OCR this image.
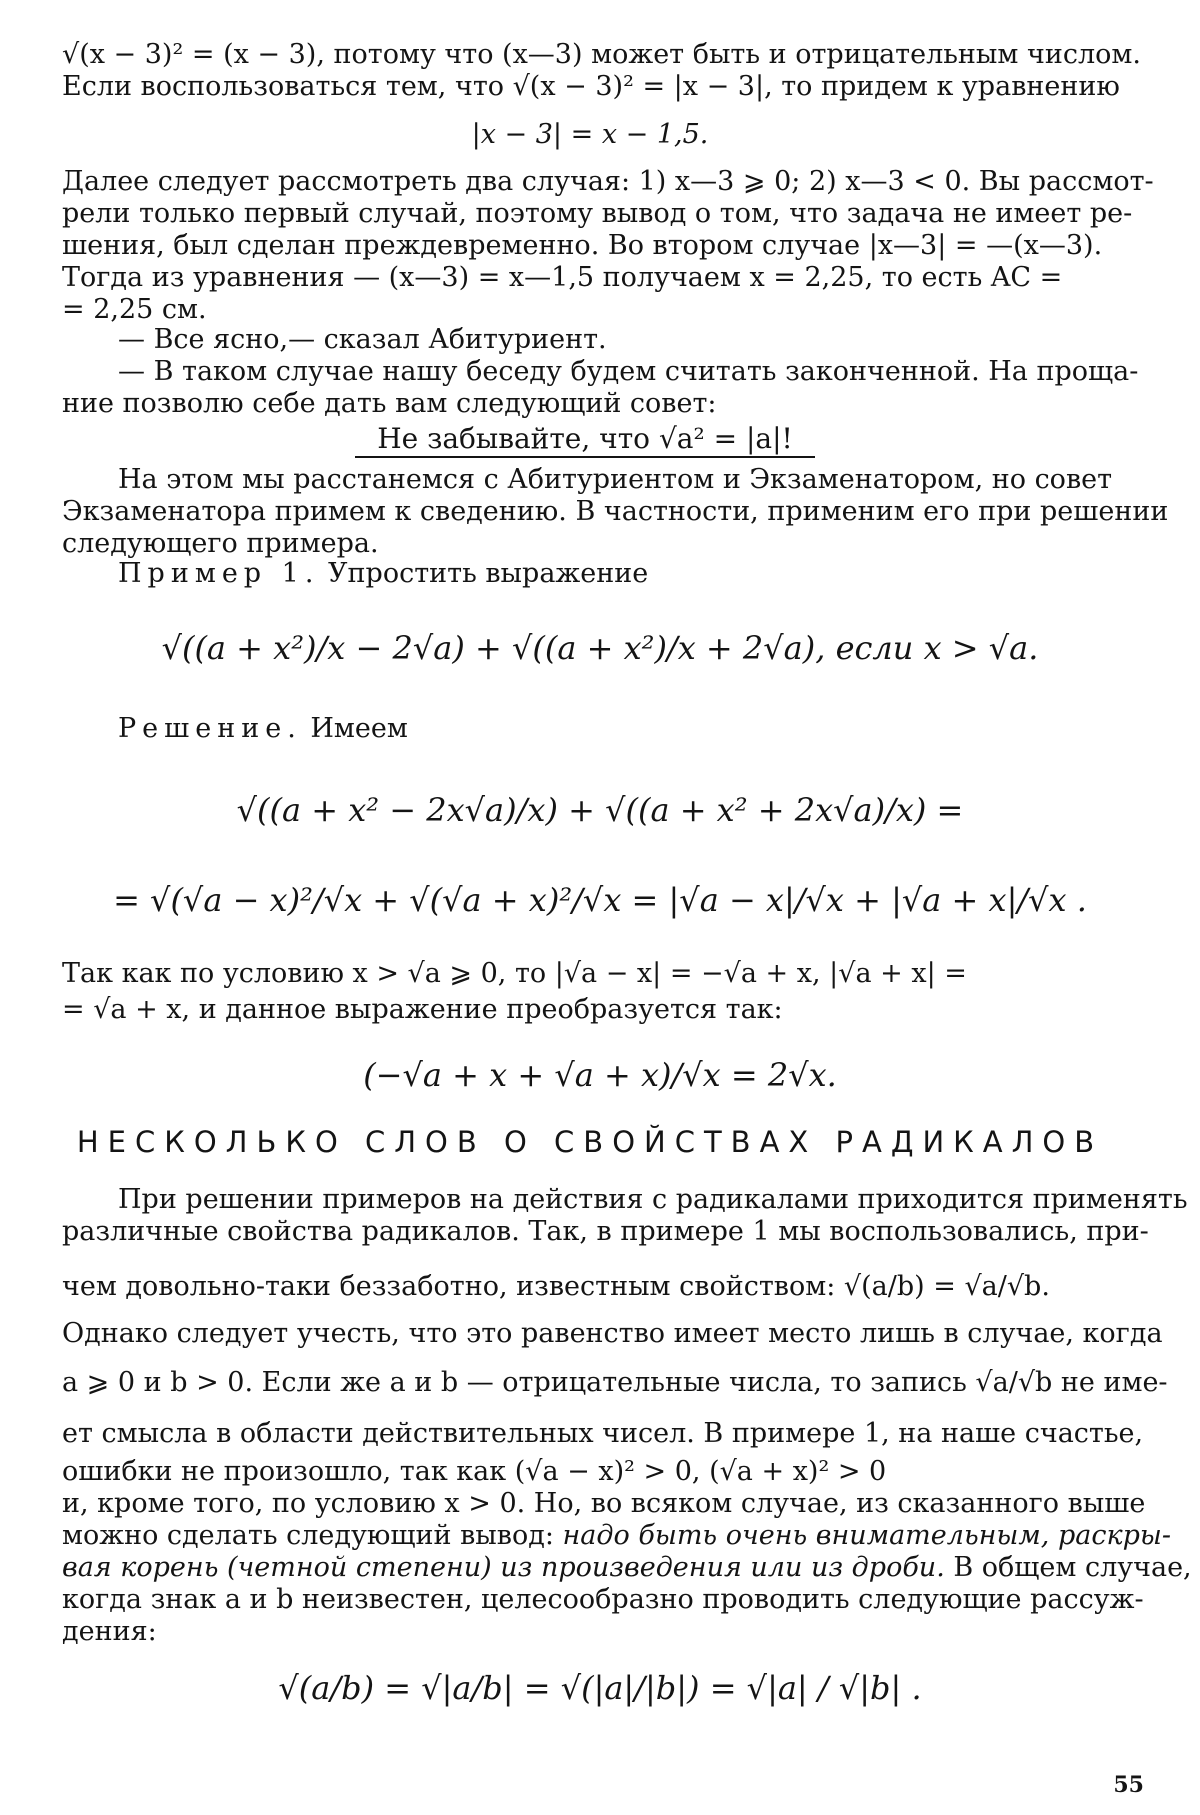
√(x − 3)² = (x − 3), потому что (x—3) может быть и отрицательным числом.
Если воспользоваться тем, что √(x − 3)² = |x − 3|, то придем к уравнению
|x − 3| = x − 1,5.
Далее следует рассмотреть два случая: 1) x—3 ⩾ 0; 2) x—3 < 0. Вы рассмот-
рели только первый случай, поэтому вывод о том, что задача не имеет ре-
шения, был сделан преждевременно. Во втором случае |x—3| = —(x—3).
Тогда из уравнения — (x—3) = x—1,5 получаем x = 2,25, то есть AC =
= 2,25 см.
— Все ясно,— сказал Абитуриент.
— В таком случае нашу беседу будем считать законченной. На проща-
ние позволю себе дать вам следующий совет:
Не забывайте, что √a² = |a|!
На этом мы расстанемся с Абитуриентом и Экзаменатором, но совет
Экзаменатора примем к сведению. В частности, применим его при решении
следующего примера.
Пример 1.
Упростить выражение
√((a + x²)/x − 2√a) + √((a + x²)/x + 2√a), если x > √a.
Решение.
Имеем
√((a + x² − 2x√a)/x) + √((a + x² + 2x√a)/x) =
= √(√a − x)²/√x + √(√a + x)²/√x = |√a − x|/√x + |√a + x|/√x .
Так как по условию x > √a ⩾ 0, то |√a − x| = −√a + x, |√a + x| =
= √a + x, и данное выражение преобразуется так:
(−√a + x + √a + x)/√x = 2√x.
НЕСКОЛЬКО СЛОВ О СВОЙСТВАХ РАДИКАЛОВ
При решении примеров на действия с радикалами приходится применять
различные свойства радикалов. Так, в примере 1 мы воспользовались, при-
чем довольно-таки беззаботно, известным свойством: √(a/b) = √a/√b.
Однако следует учесть, что это равенство имеет место лишь в случае, когда
a ⩾ 0 и b > 0. Если же a и b — отрицательные числа, то запись √a/√b не име-
ет смысла в области действительных чисел. В примере 1, на наше счастье,
ошибки не произошло, так как (√a − x)² > 0, (√a + x)² > 0
и, кроме того, по условию x > 0. Но, во всяком случае, из сказанного выше
можно сделать следующий вывод: надо быть очень внимательным, раскры-
вая корень (четной степени) из произведения или из дроби. В общем случае,
когда знак a и b неизвестен, целесообразно проводить следующие рассуж-
дения:
√(a/b) = √|a/b| = √(|a|/|b|) = √|a| / √|b| .
55
